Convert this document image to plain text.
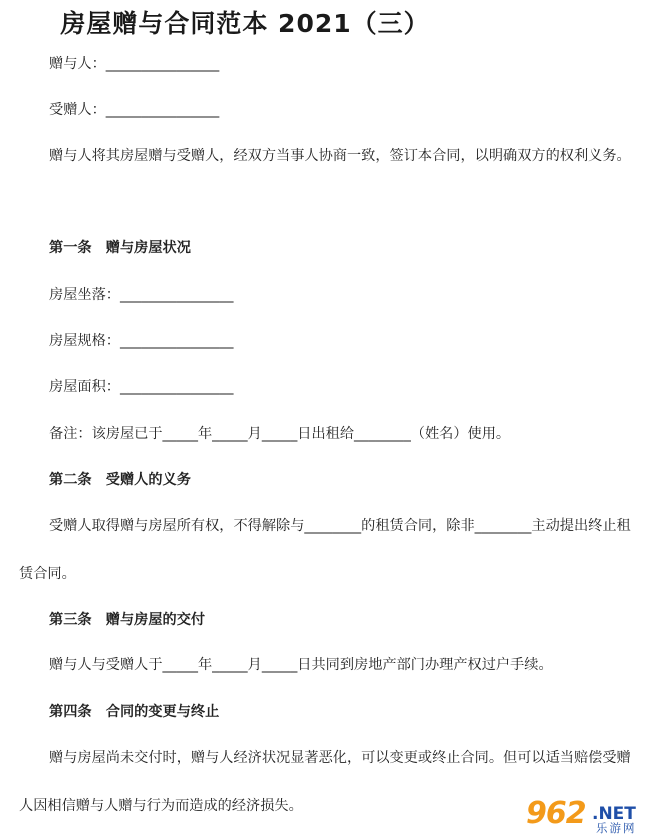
房屋赠与合同范本 2021（三）

赠与人：________________

受赠人：________________

赠与人将其房屋赠与受赠人，经双方当事人协商一致，签订本合同，以明确双方的权利义务。

第一条　赠与房屋状况

房屋坐落：________________

房屋规格：________________

房屋面积：________________

备注：该房屋已于_____年_____月_____日出租给________（姓名）使用。

第二条　受赠人的义务

受赠人取得赠与房屋所有权，不得解除与________的租赁合同，除非________主动提出终止租赁合同。

第三条　赠与房屋的交付

赠与人与受赠人于_____年_____月_____日共同到房地产部门办理产权过户手续。

第四条　合同的变更与终止

赠与房屋尚未交付时，赠与人经济状况显著恶化，可以变更或终止合同。但可以适当赔偿受赠人因相信赠与人赠与行为而造成的经济损失。	962 .NET
乐游网
